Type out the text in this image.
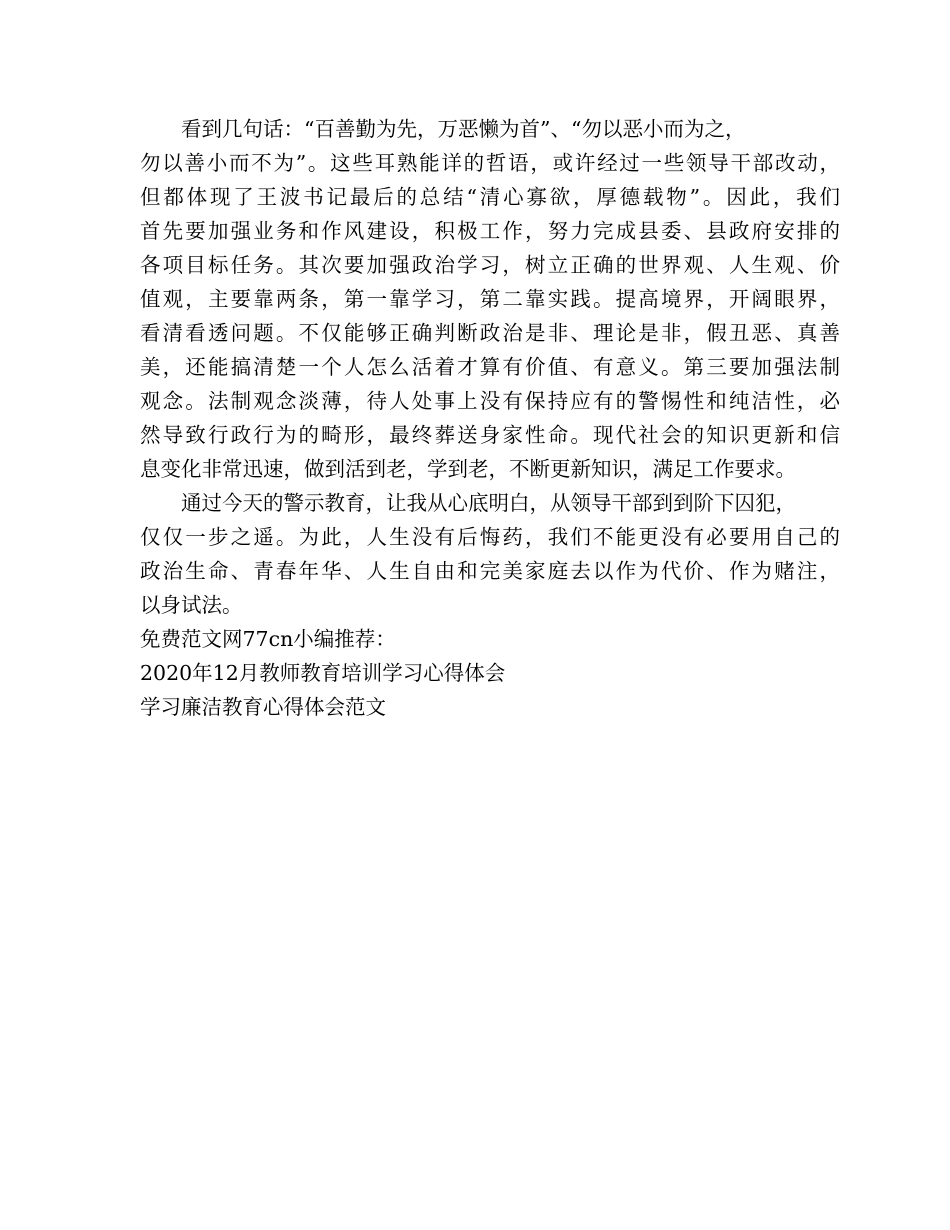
看到几句话：“百善勤为先，万恶懒为首”、“勿以恶小而为之，
勿以善小而不为”。这些耳熟能详的哲语，或许经过一些领导干部改动，
但都体现了王波书记最后的总结“清心寡欲，厚德载物”。因此，我们
首先要加强业务和作风建设，积极工作，努力完成县委、县政府安排的
各项目标任务。其次要加强政治学习，树立正确的世界观、人生观、价
值观，主要靠两条，第一靠学习，第二靠实践。提高境界，开阔眼界，
看清看透问题。不仅能够正确判断政治是非、理论是非，假丑恶、真善
美，还能搞清楚一个人怎么活着才算有价值、有意义。第三要加强法制
观念。法制观念淡薄，待人处事上没有保持应有的警惕性和纯洁性，必
然导致行政行为的畸形，最终葬送身家性命。现代社会的知识更新和信
息变化非常迅速，做到活到老，学到老，不断更新知识，满足工作要求。
通过今天的警示教育，让我从心底明白，从领导干部到到阶下囚犯，
仅仅一步之遥。为此，人生没有后悔药，我们不能更没有必要用自己的
政治生命、青春年华、人生自由和完美家庭去以作为代价、作为赌注，
以身试法。
免费范文网77cn小编推荐：
2020年12月教师教育培训学习心得体会
学习廉洁教育心得体会范文
